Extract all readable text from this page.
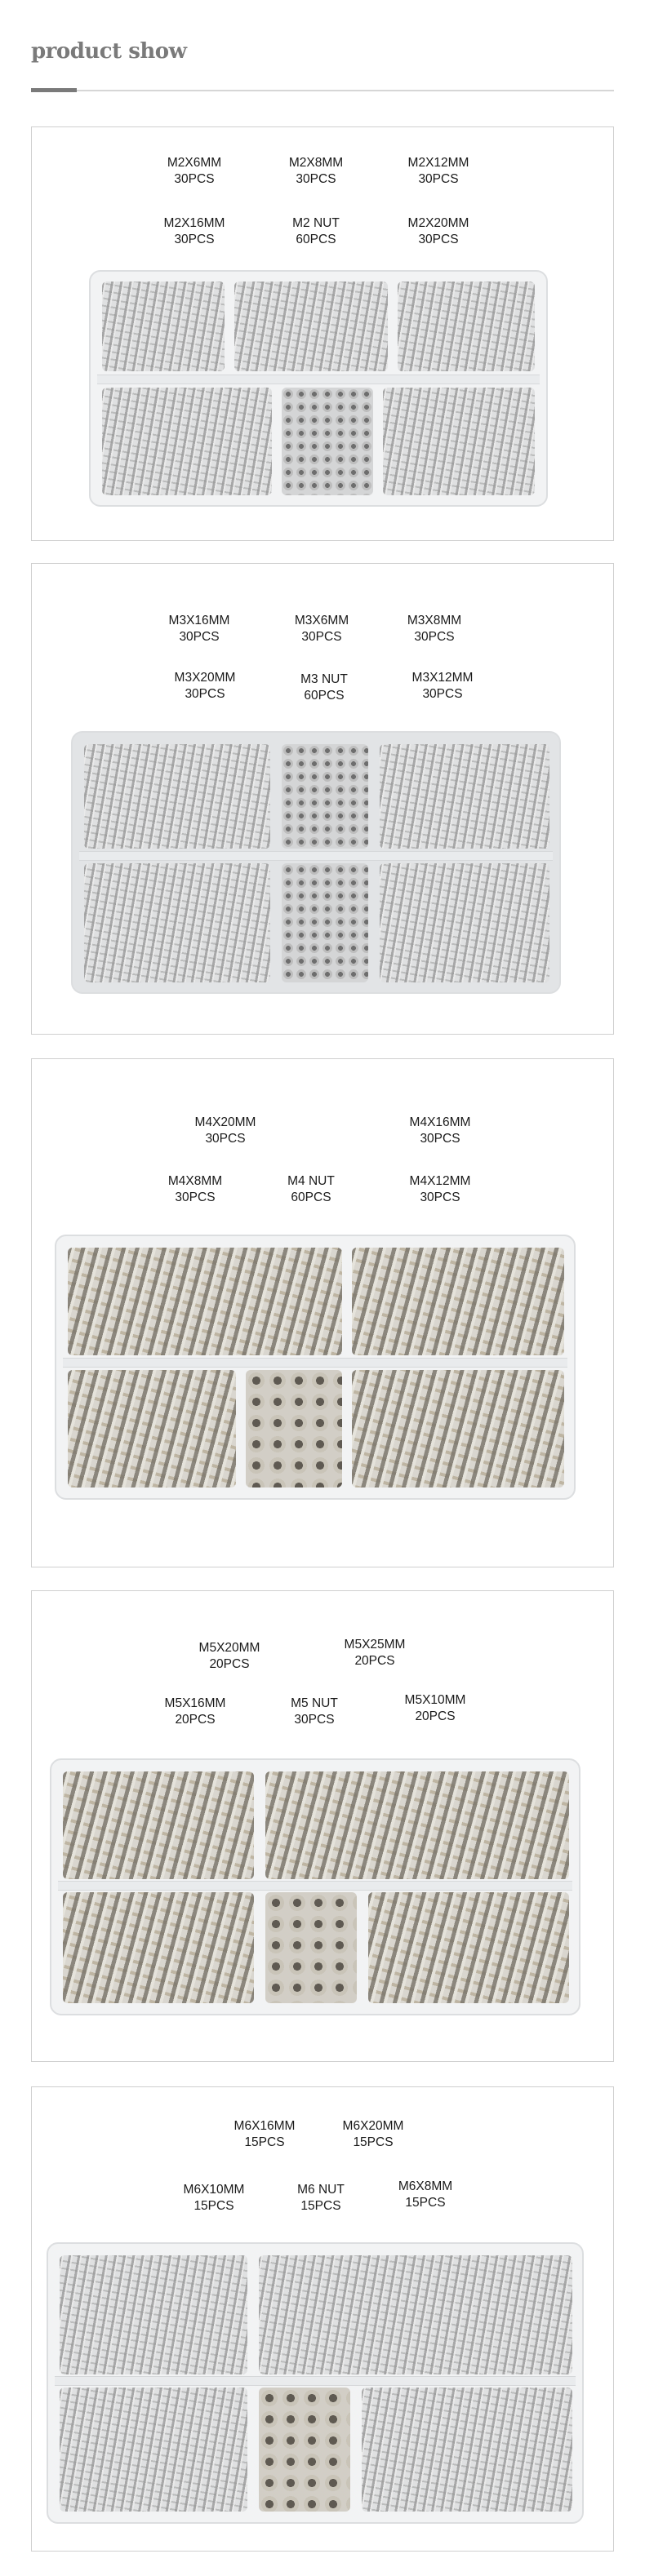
product show
M2X6MM
30PCS
M2X8MM
30PCS
M2X12MM
30PCS
M2X16MM
30PCS
M2 NUT
60PCS
M2X20MM
30PCS
M3X16MM
30PCS
M3X6MM
30PCS
M3X8MM
30PCS
M3X20MM
30PCS
M3 NUT
60PCS
M3X12MM
30PCS
M4X20MM
30PCS
M4X16MM
30PCS
M4X8MM
30PCS
M4 NUT
60PCS
M4X12MM
30PCS
M5X20MM
20PCS
M5X25MM
20PCS
M5X16MM
20PCS
M5 NUT
30PCS
M5X10MM
20PCS
M6X16MM
15PCS
M6X20MM
15PCS
M6X10MM
15PCS
M6 NUT
15PCS
M6X8MM
15PCS
